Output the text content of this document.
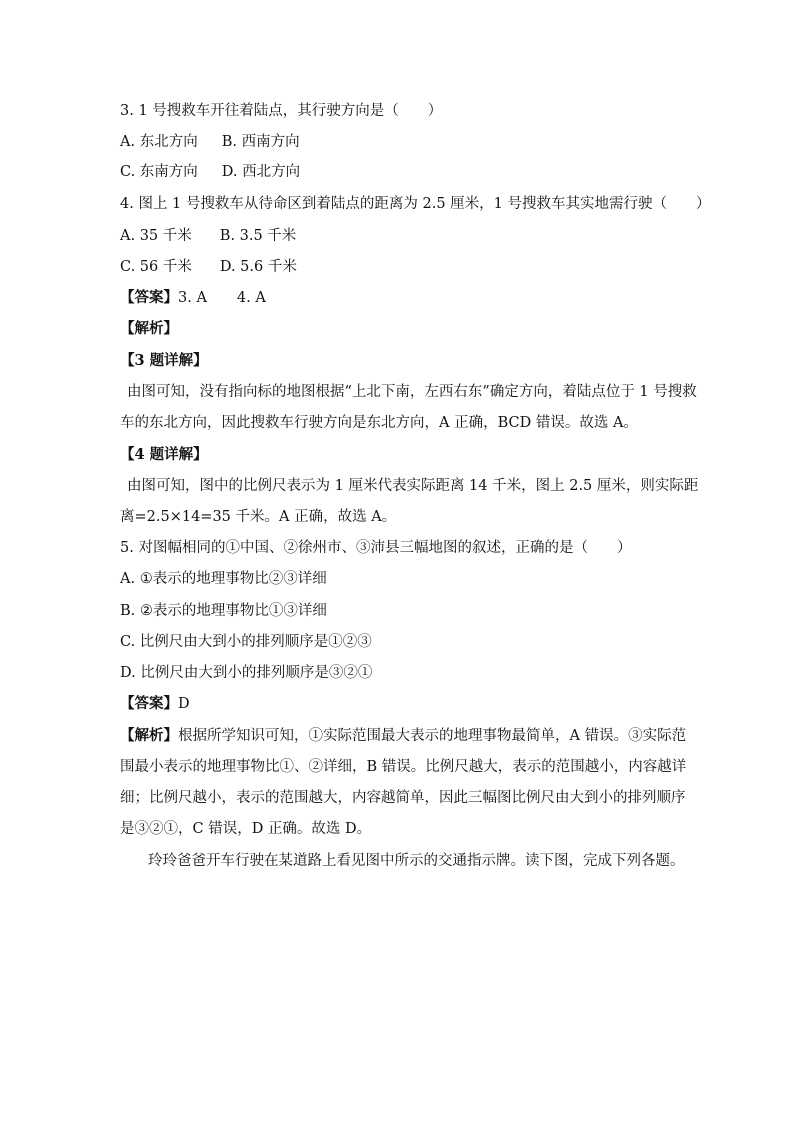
3. 1 号搜救车开往着陆点，其行驶方向是（　　）
A. 东北方向 B. 西南方向
C. 东南方向 D. 西北方向
4. 图上 1 号搜救车从待命区到着陆点的距离为 2.5 厘米，1 号搜救车其实地需行驶（　　）
A. 35 千米 B. 3.5 千米
C. 56 千米 D. 5.6 千米
【答案】3. A 4. A
【解析】
【3 题详解】
由图可知，没有指向标的地图根据“上北下南，左西右东”确定方向，着陆点位于 1 号搜救
车的东北方向，因此搜救车行驶方向是东北方向，A 正确，BCD 错误。故选 A。
【4 题详解】
由图可知，图中的比例尺表示为 1 厘米代表实际距离 14 千米，图上 2.5 厘米，则实际距
离=2.5×14=35 千米。A 正确，故选 A。
5. 对图幅相同的①中国、②徐州市、③沛县三幅地图的叙述，正确的是（　　）
A. ①表示的地理事物比②③详细
B. ②表示的地理事物比①③详细
C. 比例尺由大到小的排列顺序是①②③
D. 比例尺由大到小的排列顺序是③②①
【答案】D
【解析】根据所学知识可知，①实际范围最大表示的地理事物最简单，A 错误。③实际范
围最小表示的地理事物比①、②详细，B 错误。比例尺越大，表示的范围越小，内容越详
细；比例尺越小，表示的范围越大，内容越简单，因此三幅图比例尺由大到小的排列顺序
是③②①，C 错误，D 正确。故选 D。
玲玲爸爸开车行驶在某道路上看见图中所示的交通指示牌。读下图，完成下列各题。
